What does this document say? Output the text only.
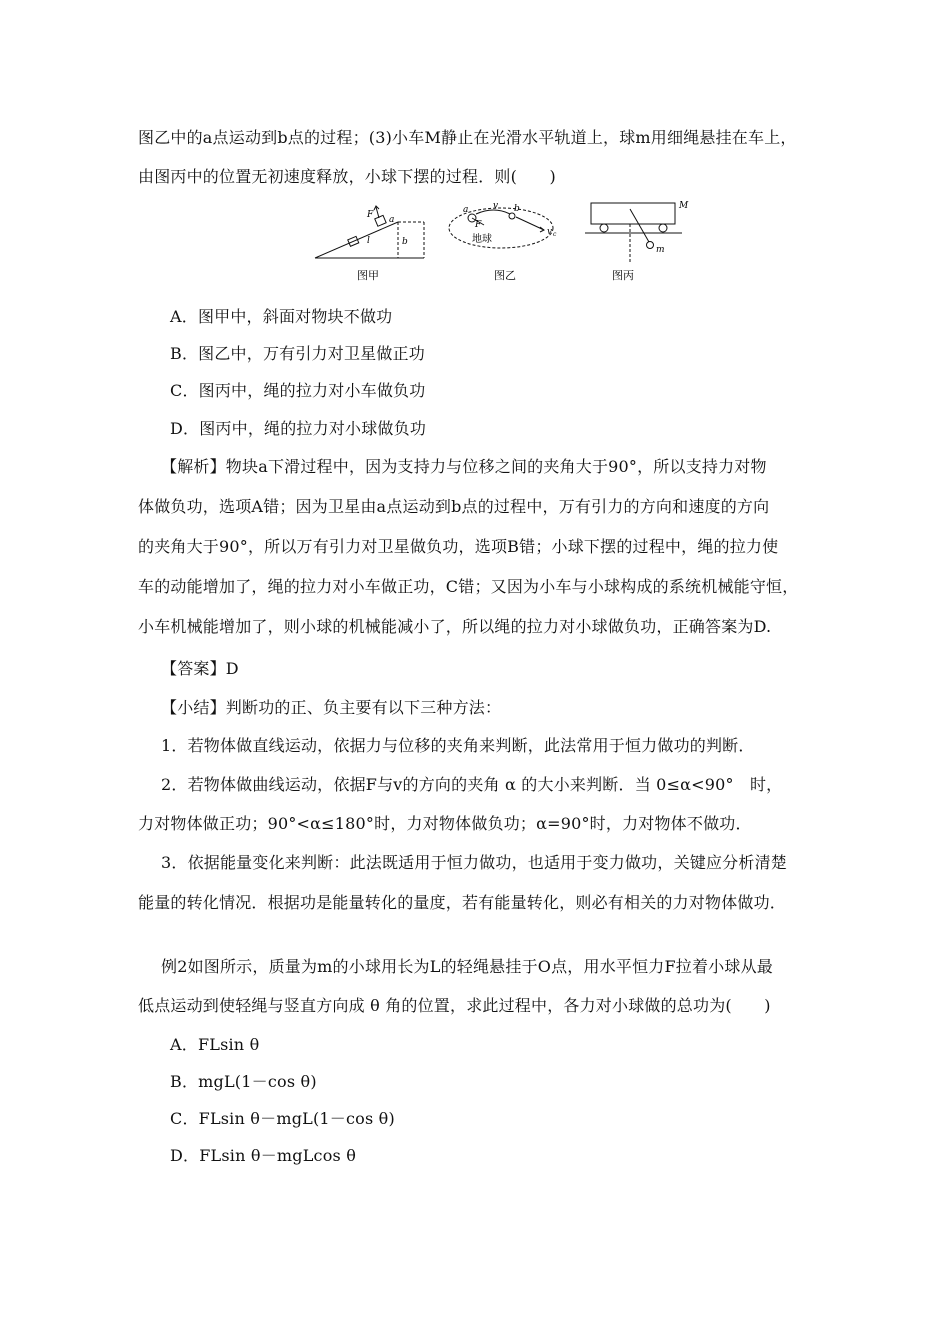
图乙中的a点运动到b点的过程；(3)小车M静止在光滑水平轨道上，球m用细绳悬挂在车上，
由图丙中的位置无初速度释放，小球下摆的过程．则(　　)
F a
l	b
图甲
a	v b
F
v c
地球
图乙
M
m
图丙
A．图甲中，斜面对物块不做功
B．图乙中，万有引力对卫星做正功
C．图丙中，绳的拉力对小车做负功
D．图丙中，绳的拉力对小球做负功
【解析】物块a下滑过程中，因为支持力与位移之间的夹角大于90°，所以支持力对物
体做负功，选项A错；因为卫星由a点运动到b点的过程中，万有引力的方向和速度的方向
的夹角大于90°，所以万有引力对卫星做负功，选项B错；小球下摆的过程中，绳的拉力使
车的动能增加了，绳的拉力对小车做正功，C错；又因为小车与小球构成的系统机械能守恒，
小车机械能增加了，则小球的机械能减小了，所以绳的拉力对小球做负功，正确答案为D.
【答案】D
【小结】判断功的正、负主要有以下三种方法：
1．若物体做直线运动，依据力与位移的夹角来判断，此法常用于恒力做功的判断．
2．若物体做曲线运动，依据F与v的方向的夹角 α 的大小来判断．当 0≤α<90°　时，
力对物体做正功；90°<α≤180°时，力对物体做负功；α=90°时，力对物体不做功．
3．依据能量变化来判断：此法既适用于恒力做功，也适用于变力做功，关键应分析清楚
能量的转化情况．根据功是能量转化的量度，若有能量转化，则必有相关的力对物体做功．
例2如图所示，质量为m的小球用长为L的轻绳悬挂于O点，用水平恒力F拉着小球从最
低点运动到使轻绳与竖直方向成 θ 角的位置，求此过程中，各力对小球做的总功为(　　)
A．FLsin θ
B．mgL(1－cos θ)
C．FLsin θ－mgL(1－cos θ)
D．FLsin θ－mgLcos θ
